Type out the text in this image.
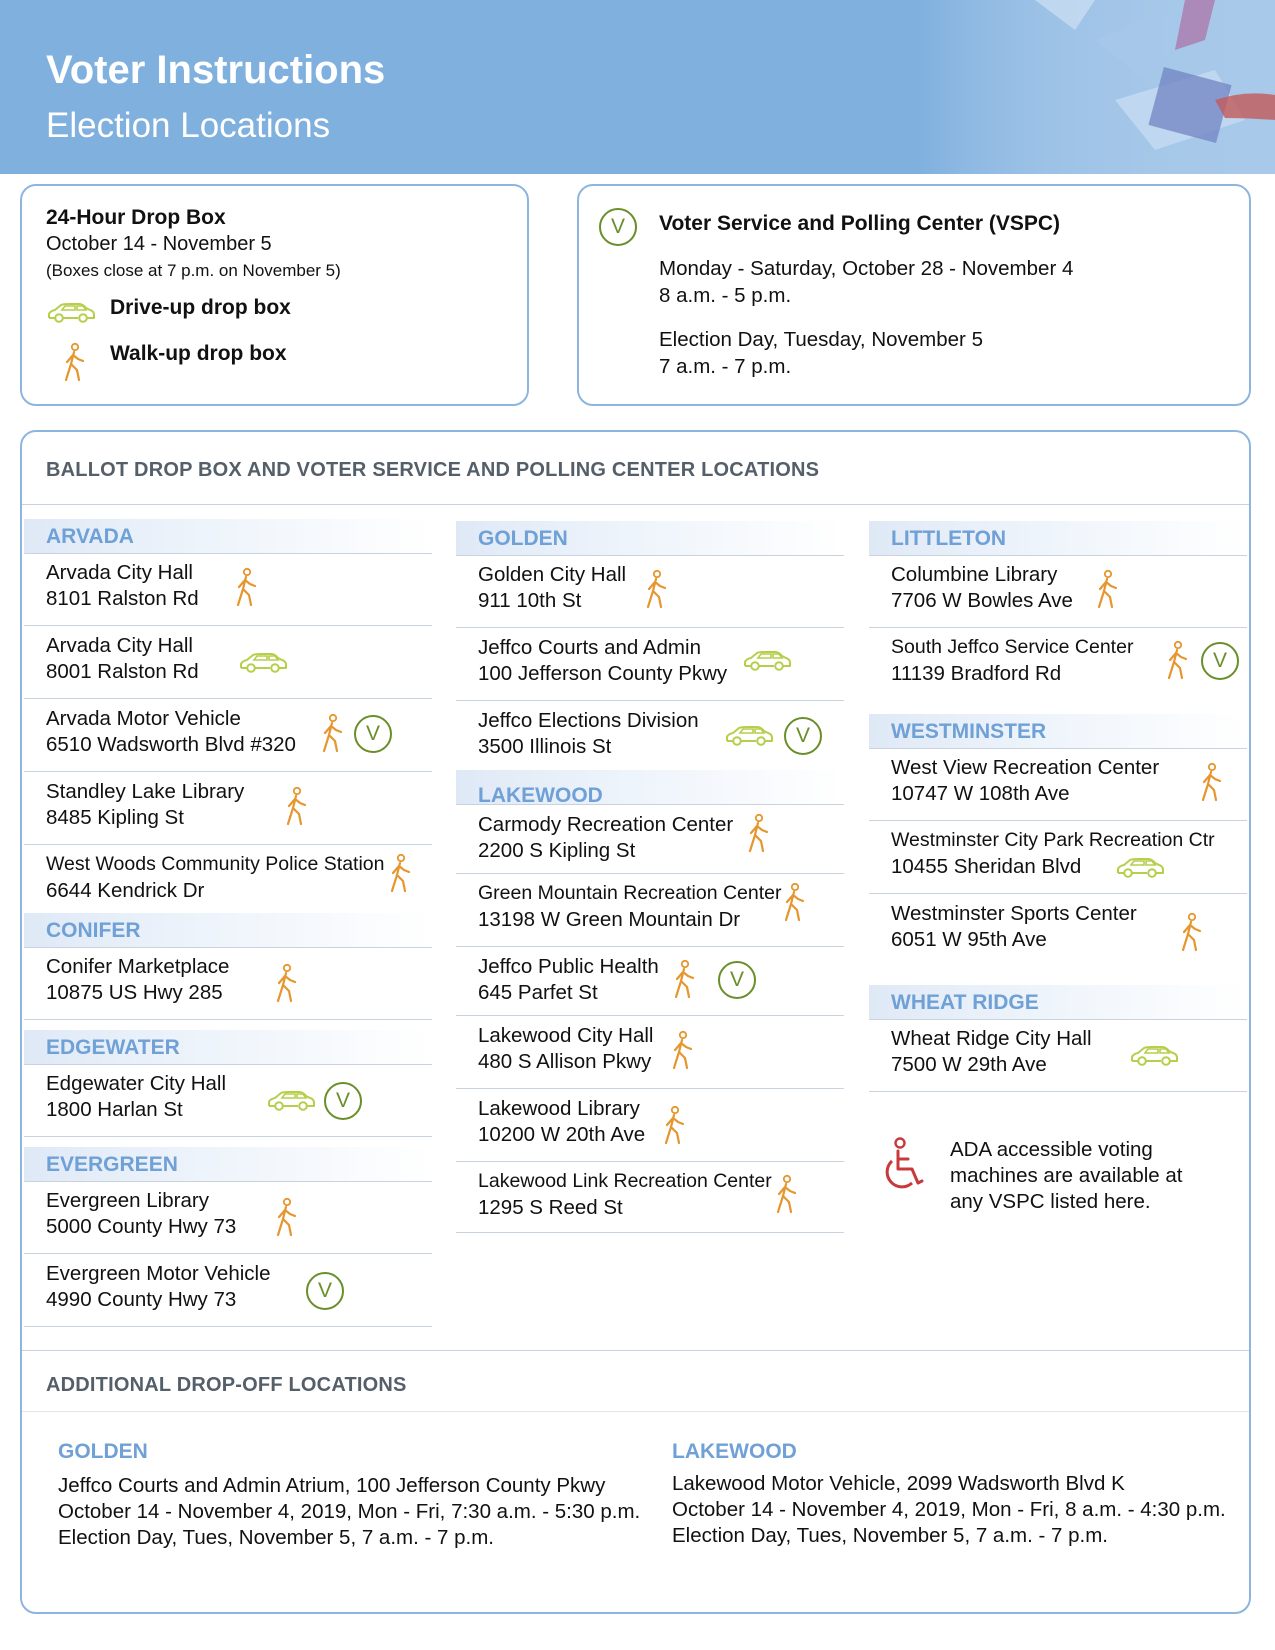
Voter Instructions
Election Locations
24-Hour Drop Box
October 14 - November 5
(Boxes close at 7 p.m. on November 5)
Drive-up drop box
Walk-up drop box
V	Voter Service and Polling Center (VSPC)
Monday - Saturday, October 28 - November 4
8 a.m. - 5 p.m.
Election Day, Tuesday, November 5
7 a.m. - 7 p.m.
BALLOT DROP BOX AND VOTER SERVICE AND POLLING CENTER LOCATIONS
ARVADA
Arvada City Hall
8101 Ralston Rd
Arvada City Hall
8001 Ralston Rd
Arvada Motor Vehicle
6510 Wadsworth Blvd #320	V
Standley Lake Library
8485 Kipling St
West Woods Community Police Station
6644 Kendrick Dr
CONIFER
Conifer Marketplace
10875 US Hwy 285
EDGEWATER
Edgewater City Hall
1800 Harlan St	V
EVERGREEN
Evergreen Library
5000 County Hwy 73
Evergreen Motor Vehicle
4990 County Hwy 73	V
GOLDEN
Golden City Hall
911 10th St
Jeffco Courts and Admin
100 Jefferson County Pkwy
Jeffco Elections Division
3500 Illinois St	V
LAKEWOOD
Carmody Recreation Center
2200 S Kipling St
Green Mountain Recreation Center
13198 W Green Mountain Dr
Jeffco Public Health
645 Parfet St
V
Lakewood City Hall
480 S Allison Pkwy
Lakewood Library
10200 W 20th Ave
Lakewood Link Recreation Center
1295 S Reed St
LITTLETON
Columbine Library
7706 W Bowles Ave
South Jeffco Service Center
11139 Bradford Rd
V
WESTMINSTER
West View Recreation Center
10747 W 108th Ave
Westminster City Park Recreation Ctr
10455 Sheridan Blvd
Westminster Sports Center
6051 W 95th Ave
WHEAT RIDGE
Wheat Ridge City Hall
7500 W 29th Ave
ADA accessible voting
machines are available at
any VSPC listed here.
ADDITIONAL DROP-OFF LOCATIONS
GOLDEN
Jeffco Courts and Admin Atrium, 100 Jefferson County Pkwy
October 14 - November 4, 2019, Mon - Fri, 7:30 a.m. - 5:30 p.m.
Election Day, Tues, November 5, 7 a.m. - 7 p.m.
LAKEWOOD
Lakewood Motor Vehicle, 2099 Wadsworth Blvd K
October 14 - November 4, 2019, Mon - Fri, 8 a.m. - 4:30 p.m.
Election Day, Tues, November 5, 7 a.m. - 7 p.m.
